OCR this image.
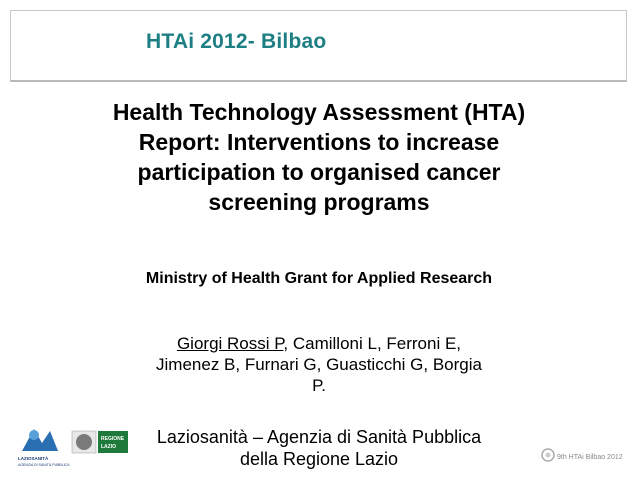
HTAi 2012- Bilbao
Health Technology Assessment (HTA)
Report: Interventions to increase
participation to organised cancer
screening programs
Ministry of Health Grant for Applied Research
Giorgi Rossi P, Camilloni L, Ferroni E,
Jimenez B, Furnari G, Guasticchi G, Borgia
P.
Laziosanità – Agenzia di Sanità Pubblica
della Regione Lazio
LAZIOSANITÀ
AGENZIA DI SANITÀ PUBBLICA
REGIONE
LAZIO
9th HTAi Bilbao 2012
